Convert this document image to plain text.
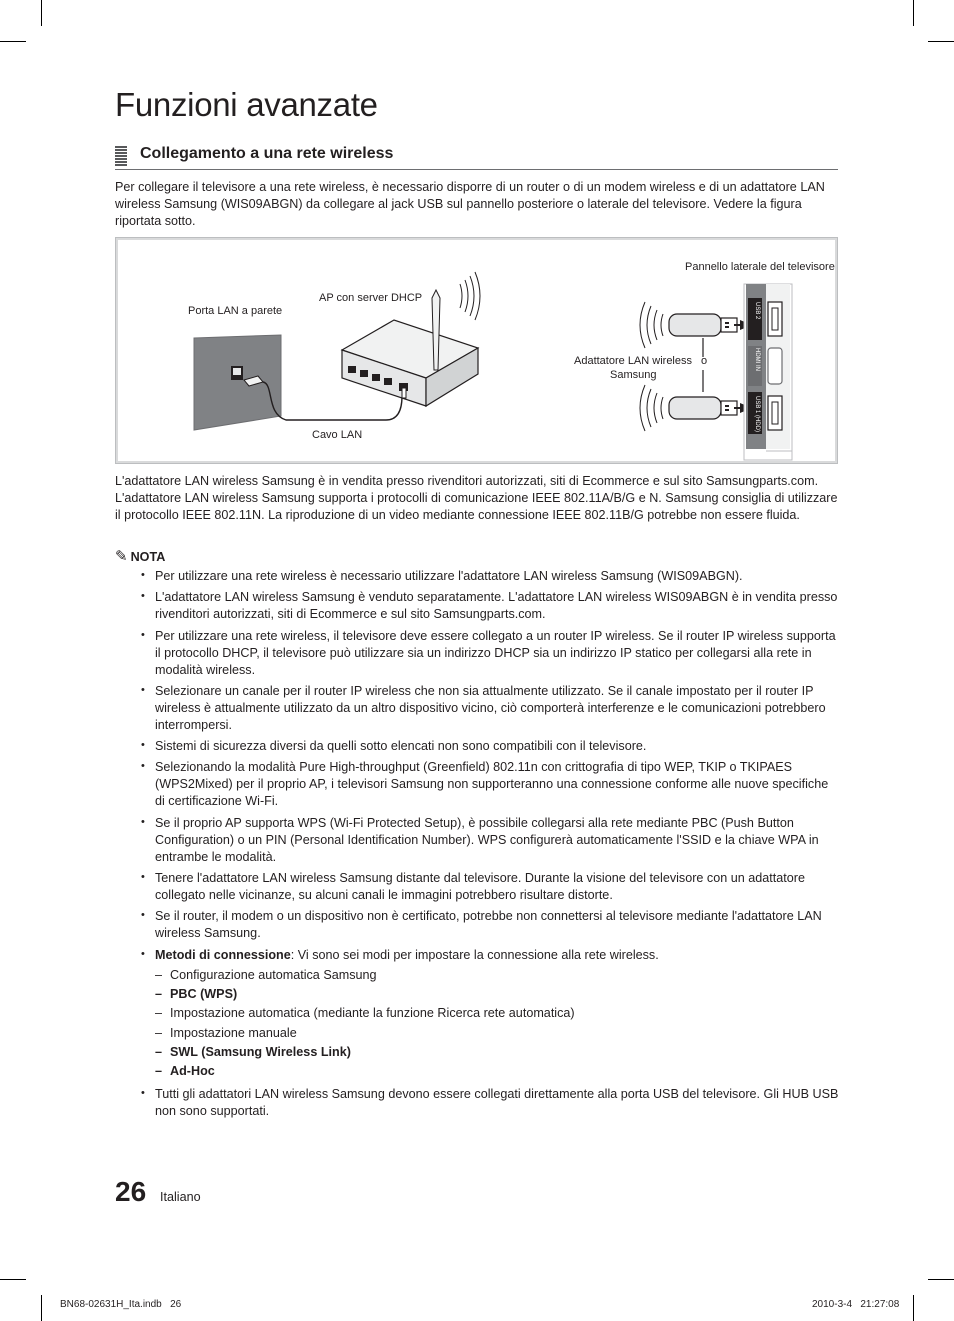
Funzioni avanzate
Collegamento a una rete wireless
Per collegare il televisore a una rete wireless, è necessario disporre di un router o di un modem wireless e di un adattatore LAN wireless Samsung (WIS09ABGN) da collegare al jack USB sul pannello posteriore o laterale del televisore. Vedere la figura riportata sotto.
USB 2
HDMI IN
USB 1 (HDD)
Pannello laterale del televisore
AP con server DHCP
Porta LAN a parete
Adattatore LAN wireless
Samsung
o
Cavo LAN
L'adattatore LAN wireless Samsung è in vendita presso rivenditori autorizzati, siti di Ecommerce e sul sito Samsungparts.com. L'adattatore LAN wireless Samsung supporta i protocolli di comunicazione IEEE 802.11A/B/G e N. Samsung consiglia di utilizzare il protocollo IEEE 802.11N. La riproduzione di un video mediante connessione IEEE 802.11B/G potrebbe non essere fluida.
✎ NOTA
• Per utilizzare una rete wireless è necessario utilizzare l'adattatore LAN wireless Samsung (WIS09ABGN).
• L'adattatore LAN wireless Samsung è venduto separatamente. L'adattatore LAN wireless WIS09ABGN è in vendita presso rivenditori autorizzati, siti di Ecommerce e sul sito Samsungparts.com.
• Per utilizzare una rete wireless, il televisore deve essere collegato a un router IP wireless. Se il router IP wireless supporta il protocollo DHCP, il televisore può utilizzare sia un indirizzo DHCP sia un indirizzo IP statico per collegarsi alla rete in modalità wireless.
• Selezionare un canale per il router IP wireless che non sia attualmente utilizzato. Se il canale impostato per il router IP wireless è attualmente utilizzato da un altro dispositivo vicino, ciò comporterà interferenze e le comunicazioni potrebbero interrompersi.
• Sistemi di sicurezza diversi da quelli sotto elencati non sono compatibili con il televisore.
• Selezionando la modalità Pure High-throughput (Greenfield) 802.11n con crittografia di tipo WEP, TKIP o TKIPAES (WPS2Mixed) per il proprio AP, i televisori Samsung non supporteranno una connessione conforme alle nuove specifiche di certificazione Wi-Fi.
• Se il proprio AP supporta WPS (Wi-Fi Protected Setup), è possibile collegarsi alla rete mediante PBC (Push Button Configuration) o un PIN (Personal Identification Number). WPS configurerà automaticamente l'SSID e la chiave WPA in entrambe le modalità.
• Tenere l'adattatore LAN wireless Samsung distante dal televisore. Durante la visione del televisore con un adattatore collegato nelle vicinanze, su alcuni canali le immagini potrebbero risultare distorte.
• Se il router, il modem o un dispositivo non è certificato, potrebbe non connettersi al televisore mediante l'adattatore LAN wireless Samsung.
• Metodi di connessione: Vi sono sei modi per impostare la connessione alla rete wireless.
– Configurazione automatica Samsung
– PBC (WPS)
– Impostazione automatica (mediante la funzione Ricerca rete automatica)
– Impostazione manuale
– SWL (Samsung Wireless Link)
– Ad-Hoc
• Tutti gli adattatori LAN wireless Samsung devono essere collegati direttamente alla porta USB del televisore. Gli HUB USB non sono supportati.
26 Italiano
BN68-02631H_Ita.indb   26	2010-3-4   21:27:08
